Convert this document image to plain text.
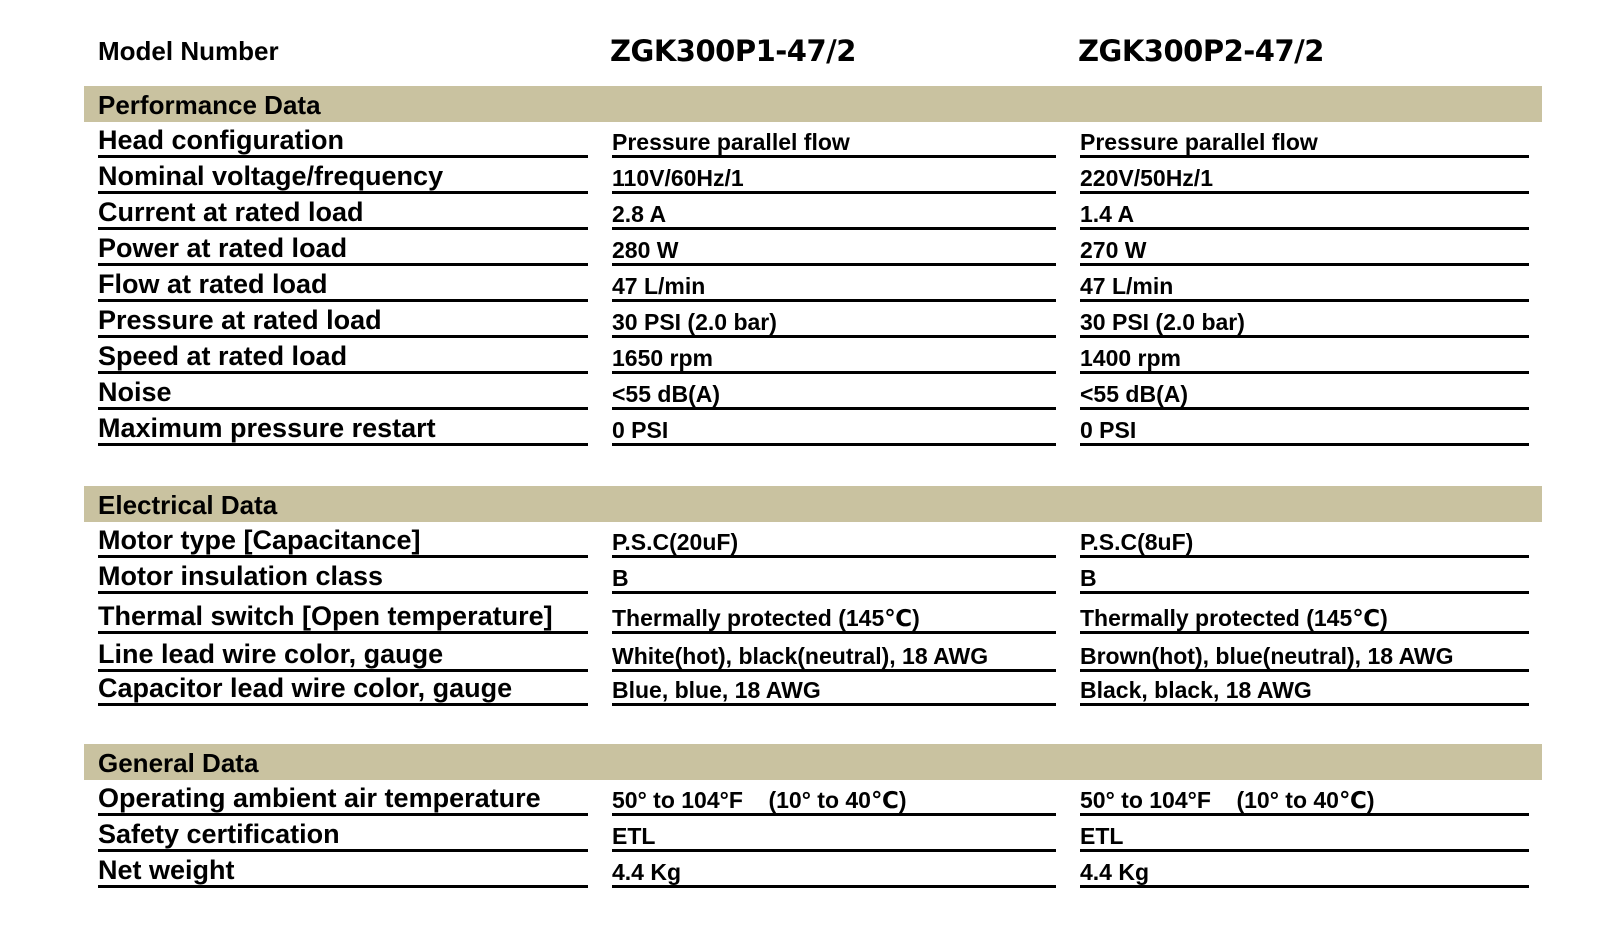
Model Number	ZGK300P1-47/2	ZGK300P2-47/2
Performance Data
Head configuration	Pressure parallel flow	Pressure parallel flow
Nominal voltage/frequency	110V/60Hz/1	220V/50Hz/1
Current at rated load	2.8 A	1.4 A
Power at rated load	280 W	270 W
Flow at rated load	47 L/min	47 L/min
Pressure at rated load	30 PSI (2.0 bar)	30 PSI (2.0 bar)
Speed at rated load	1650 rpm	1400 rpm
Noise	<55 dB(A)	<55 dB(A)
Maximum pressure restart	0 PSI	0 PSI
Electrical Data
Motor type [Capacitance]	P.S.C(20uF)	P.S.C(8uF)
Motor insulation class	B	B
Thermal switch [Open temperature]	Thermally protected (145℃)	Thermally protected (145℃)
Line lead wire color, gauge	White(hot), black(neutral), 18 AWG	Brown(hot), blue(neutral), 18 AWG
Capacitor lead wire color, gauge	Blue, blue, 18 AWG	Black, black, 18 AWG
General Data
Operating ambient air temperature	50° to 104°F    (10° to 40℃)	50° to 104°F    (10° to 40℃)
Safety certification	ETL	ETL
Net weight	4.4 Kg	4.4 Kg
